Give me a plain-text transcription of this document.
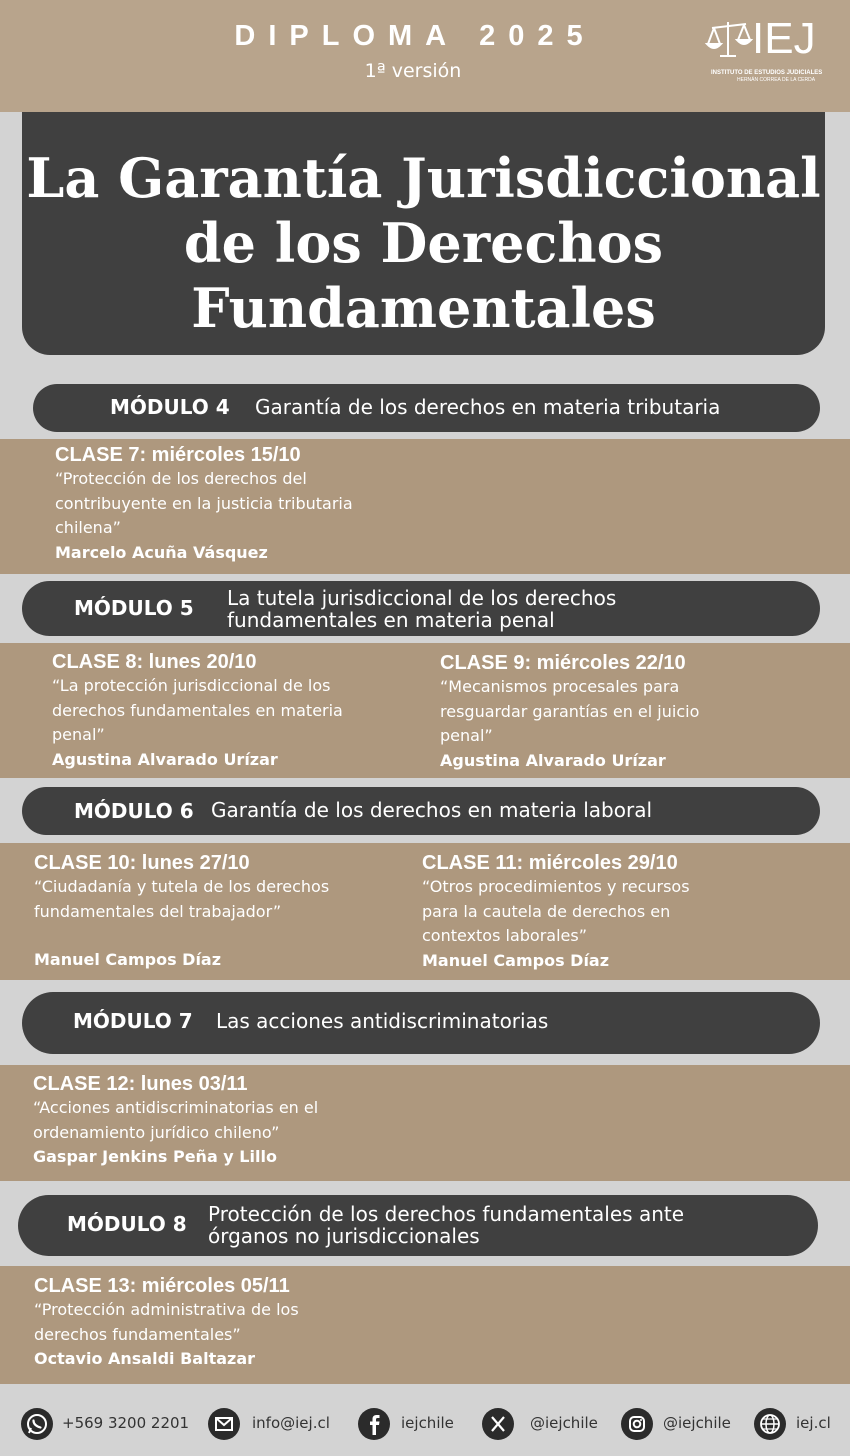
DIPLOMA 2025
1ª versión
IEJ
INSTITUTO DE ESTUDIOS JUDICIALES
HERNÁN CORREA DE LA CERDA
La Garantía Jurisdiccional de los Derechos Fundamentales
MÓDULO 4 Garantía de los derechos en materia tributaria
CLASE 7: miércoles 15/10
“Protección de los derechos del contribuyente en la justicia tributaria chilena”
Marcelo Acuña Vásquez
MÓDULO 5 La tutela jurisdiccional de los derechos fundamentales en materia penal
CLASE 8: lunes 20/10
“La protección jurisdiccional de los derechos fundamentales en materia penal”
Agustina Alvarado Urízar
CLASE 9: miércoles 22/10
“Mecanismos procesales para resguardar garantías en el juicio penal”
Agustina Alvarado Urízar
MÓDULO 6 Garantía de los derechos en materia laboral
CLASE 10: lunes 27/10
“Ciudadanía y tutela de los derechos fundamentales del trabajador”
Manuel Campos Díaz
CLASE 11: miércoles 29/10
“Otros procedimientos y recursos para la cautela de derechos en contextos laborales”
Manuel Campos Díaz
MÓDULO 7 Las acciones antidiscriminatorias
CLASE 12: lunes 03/11
“Acciones antidiscriminatorias en el ordenamiento jurídico chileno”
Gaspar Jenkins Peña y Lillo
MÓDULO 8 Protección de los derechos fundamentales ante órganos no jurisdiccionales
CLASE 13: miércoles 05/11
“Protección administrativa de los derechos fundamentales”
Octavio Ansaldi Baltazar
+569 3200 2201	info@iej.cl	iejchile	@iejchile	@iejchile	iej.cl
